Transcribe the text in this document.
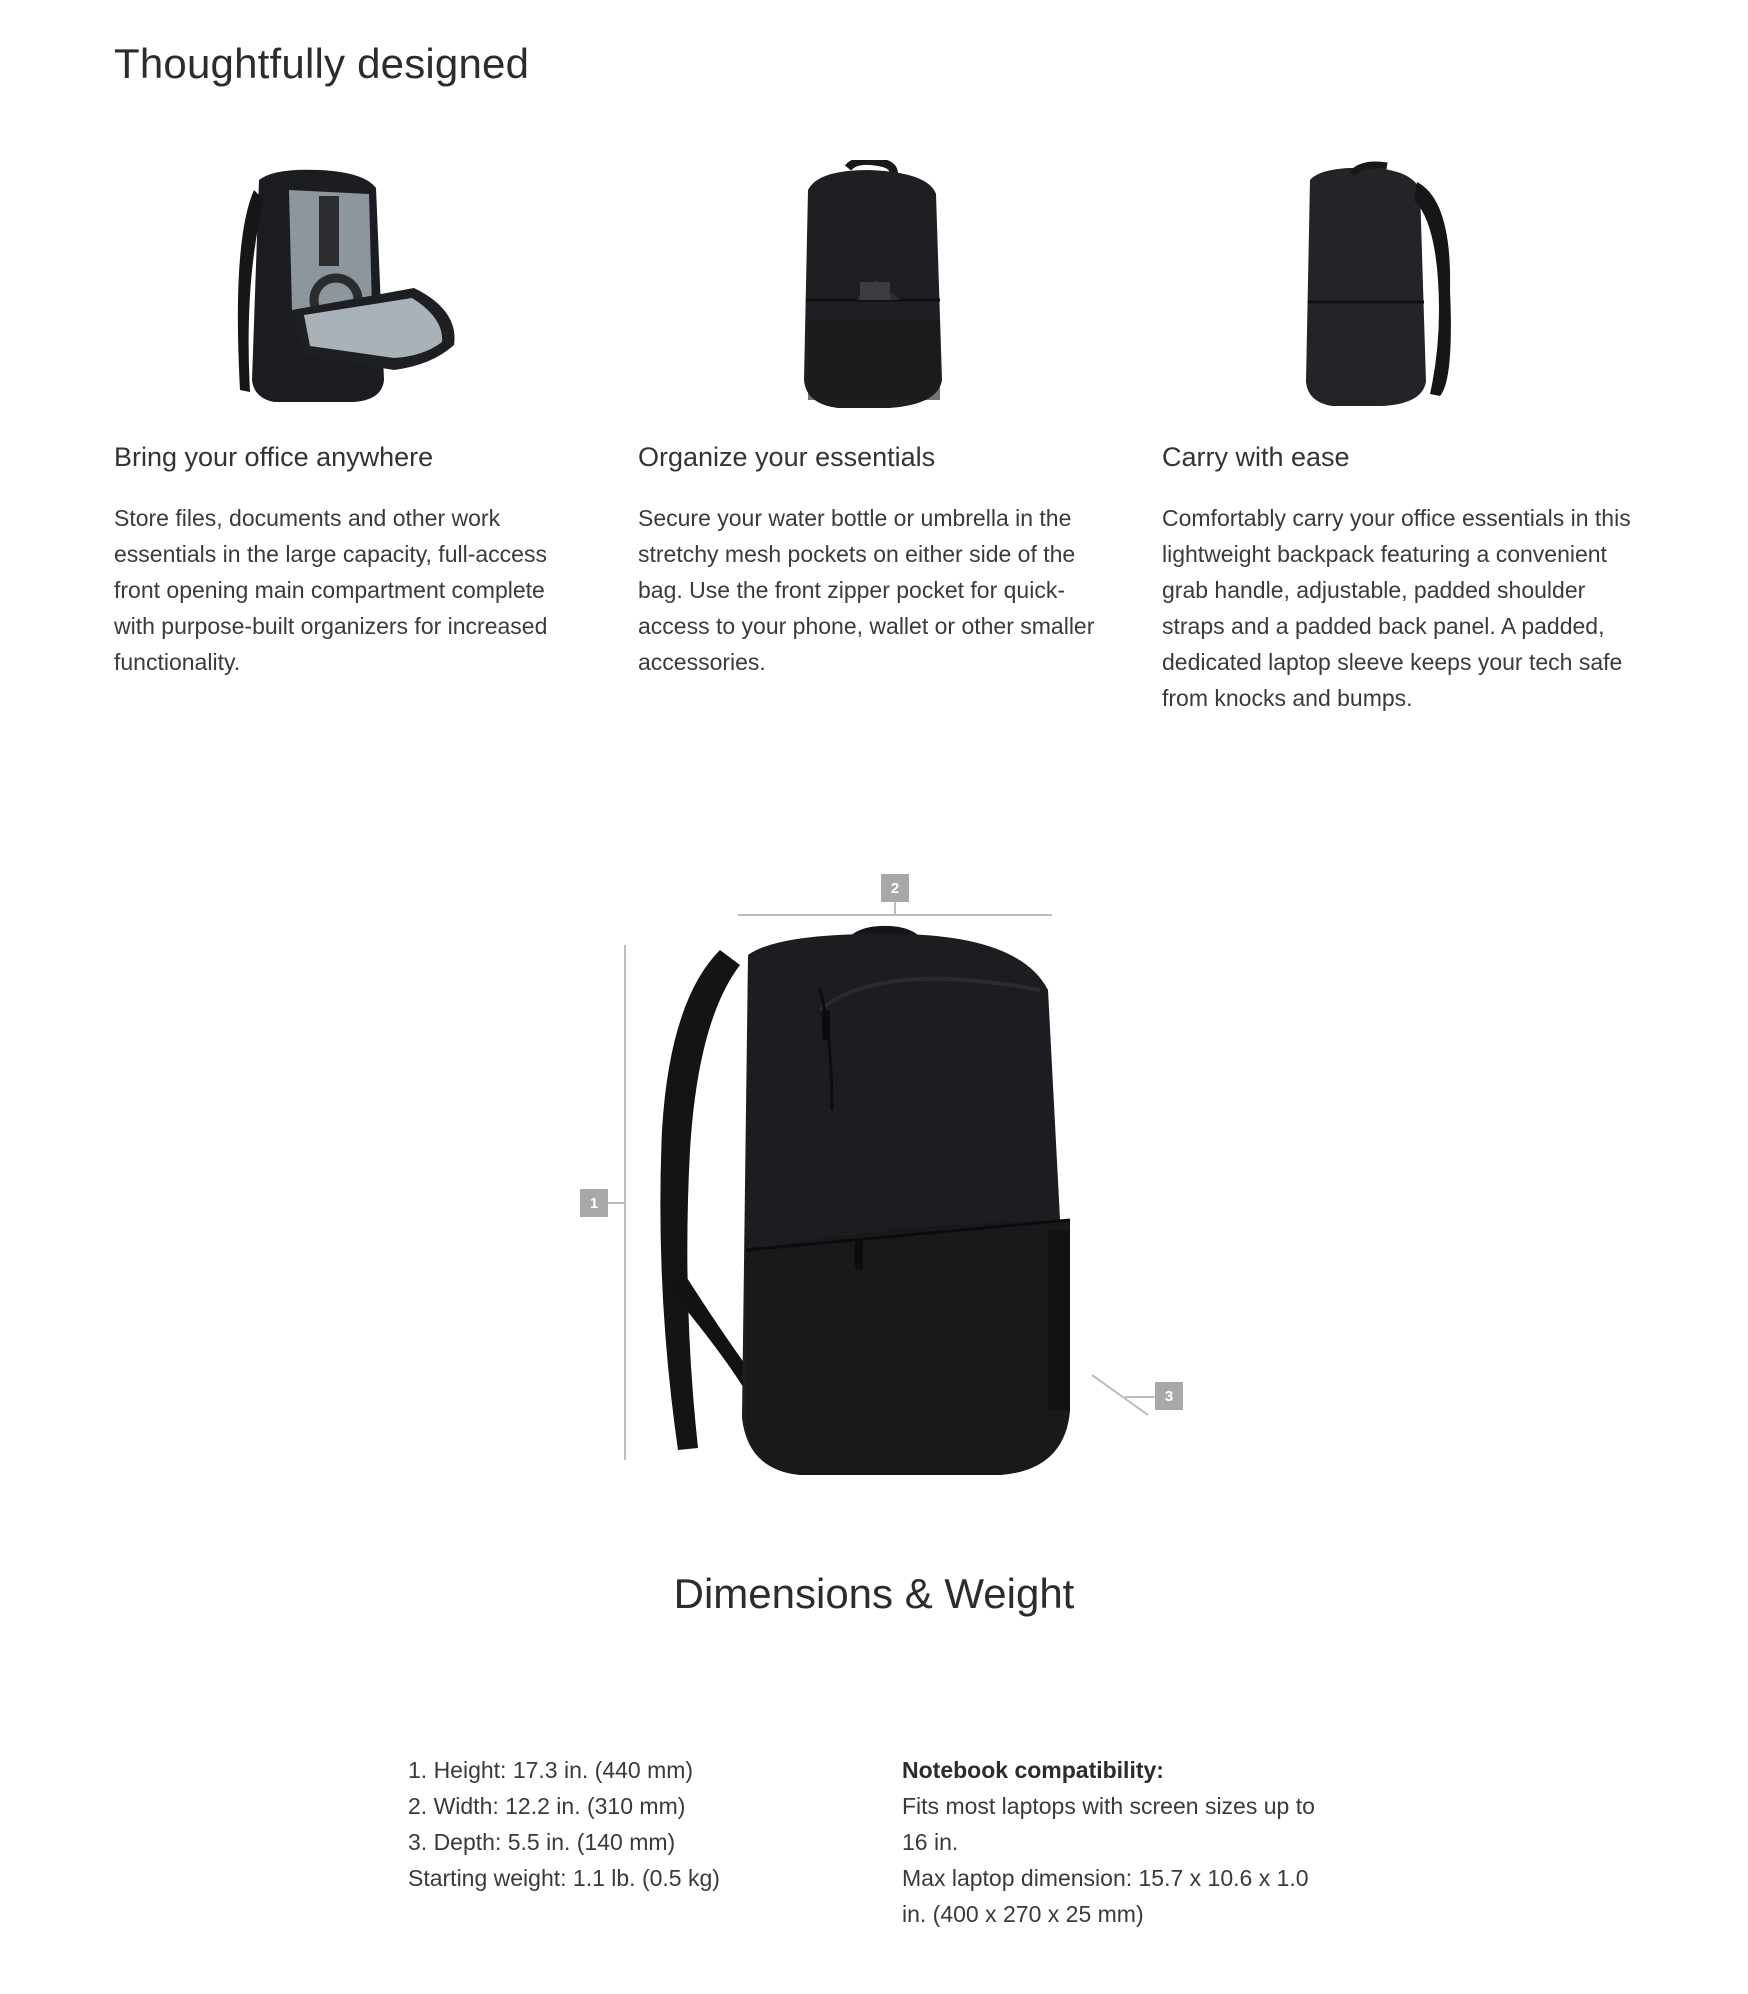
Thoughtfully designed
Bring your office anywhere

Store files, documents and other work essentials in the large capacity, full-access front opening main compartment complete with purpose-built organizers for increased functionality.

Organize your essentials

Secure your water bottle or umbrella in the stretchy mesh pockets on either side of the bag. Use the front zipper pocket for quick-access to your phone, wallet or other smaller accessories.

Carry with ease

Comfortably carry your office essentials in this lightweight backpack featuring a convenient grab handle, adjustable, padded shoulder straps and a padded back panel. A padded, dedicated laptop sleeve keeps your tech safe from knocks and bumps.

1
2
3
Dimensions & Weight
1. Height: 17.3 in. (440 mm)
2. Width: 12.2 in. (310 mm)
3. Depth: 5.5 in. (140 mm)
Starting weight: 1.1 lb. (0.5 kg)
Notebook compatibility:
Fits most laptops with screen sizes up to 16 in.
Max laptop dimension: 15.7 x 10.6 x 1.0 in. (400 x 270 x 25 mm)
